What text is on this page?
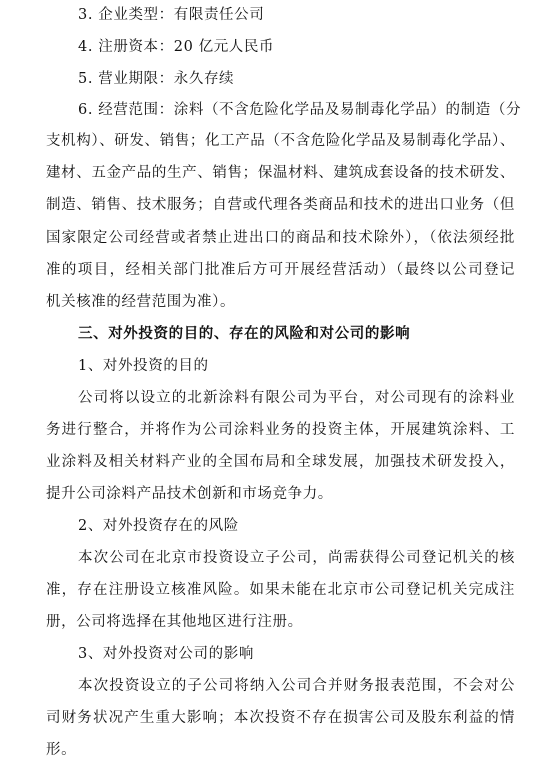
3. 企业类型：有限责任公司
4. 注册资本：20 亿元人民币
5. 营业期限：永久存续
6. 经营范围：涂料（不含危险化学品及易制毒化学品）的制造（分
支机构）、研发、销售；化工产品（不含危险化学品及易制毒化学品）、
建材、五金产品的生产、销售；保温材料、建筑成套设备的技术研发、
制造、销售、技术服务；自营或代理各类商品和技术的进出口业务（但
国家限定公司经营或者禁止进出口的商品和技术除外），（依法须经批
准的项目，经相关部门批准后方可开展经营活动）（最终以公司登记
机关核准的经营范围为准）。
三、对外投资的目的、存在的风险和对公司的影响
1、对外投资的目的
公司将以设立的北新涂料有限公司为平台，对公司现有的涂料业
务进行整合，并将作为公司涂料业务的投资主体，开展建筑涂料、工
业涂料及相关材料产业的全国布局和全球发展，加强技术研发投入，
提升公司涂料产品技术创新和市场竞争力。
2、对外投资存在的风险
本次公司在北京市投资设立子公司，尚需获得公司登记机关的核
准，存在注册设立核准风险。如果未能在北京市公司登记机关完成注
册，公司将选择在其他地区进行注册。
3、对外投资对公司的影响
本次投资设立的子公司将纳入公司合并财务报表范围，不会对公
司财务状况产生重大影响；本次投资不存在损害公司及股东利益的情
形。
